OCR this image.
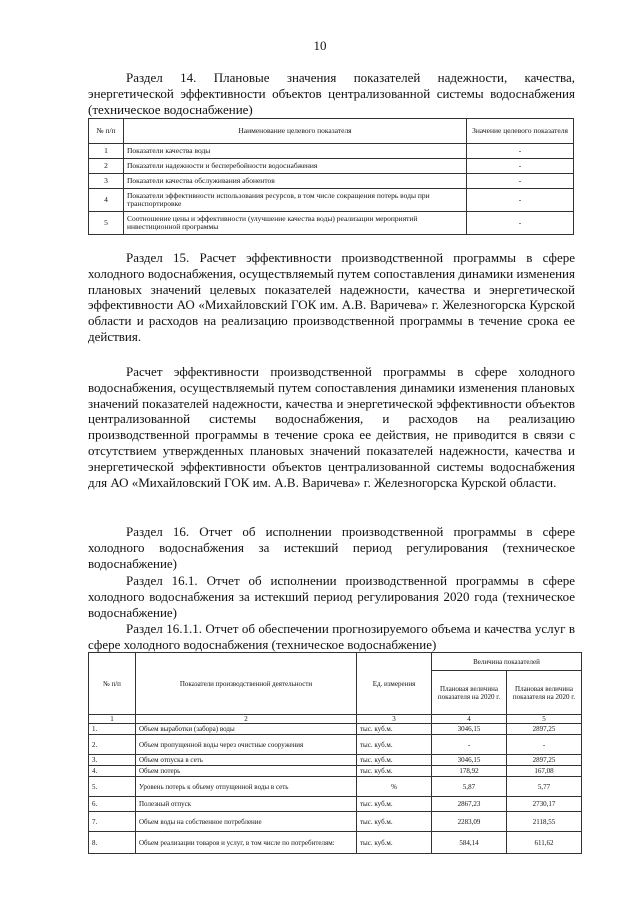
10

Раздел 14. Плановые значения показателей надежности, качества, энергетической эффективности объектов централизованной системы водоснабжения (техническое водоснабжение)

№ п/п	Наименование целевого показателя	Значение целевого показателя
1	Показатели качества воды	-
2	Показатели надежности и бесперебойности водоснабжения	-
3	Показатели качества обслуживания абонентов	-
4	Показатели эффективности использования ресурсов, в том числе сокращения потерь воды при транспортировке	-
5	Соотношение цены и эффективности (улучшение качества воды) реализации мероприятий инвестиционной программы	-

Раздел 15. Расчет эффективности производственной программы в сфере холодного водоснабжения, осуществляемый путем сопоставления динамики изменения плановых значений целевых показателей надежности, качества и энергетической эффективности АО «Михайловский ГОК им. А.В. Варичева» г. Железногорска Курской области и расходов на реализацию производственной программы в течение срока ее действия.

Расчет эффективности производственной программы в сфере холодного водоснабжения, осуществляемый путем сопоставления динамики изменения плановых значений показателей надежности, качества и энергетической эффективности объектов централизованной системы водоснабжения, и расходов на реализацию производственной программы в течение срока ее действия, не приводится в связи с отсутствием утвержденных плановых значений показателей надежности, качества и энергетической эффективности объектов централизованной системы водоснабжения для АО «Михайловский ГОК им. А.В. Варичева» г. Железногорска Курской области.

Раздел 16. Отчет об исполнении производственной программы в сфере холодного водоснабжения за истекший период регулирования (техническое водоснабжение)

Раздел 16.1. Отчет об исполнении производственной программы в сфере холодного водоснабжения за истекший период регулирования 2020 года (техническое водоснабжение)

Раздел 16.1.1. Отчет об обеспечении прогнозируемого объема и качества услуг в сфере холодного водоснабжения (техническое водоснабжение)

№ п/п	Показатели производственной деятельности	Ед. измерения	Величина показателей	
			Плановая величина показателя на 2020 г.	Плановая величина показателя на 2020 г.
1	2	3	4	5
1.	Объем выработки (забора) воды	тыс. куб.м.	3046,15	2897,25
2.	Объем пропущенной воды через очистные сооружения	тыс. куб.м.	-	-
3.	Объем отпуска в сеть	тыс. куб.м.	3046,15	2897,25
4.	Объем потерь	тыс. куб.м.	178,92	167,08
5.	Уровень потерь к объему отпущенной воды в сеть	%	5,87	5,77
6.	Полезный отпуск	тыс. куб.м.	2867,23	2730,17
7.	Объем воды на собственное потребление	тыс. куб.м.	2283,09	2118,55
8.	Объем реализации товаров и услуг, в том числе по потребителям:	тыс. куб.м.	584,14	611,62
